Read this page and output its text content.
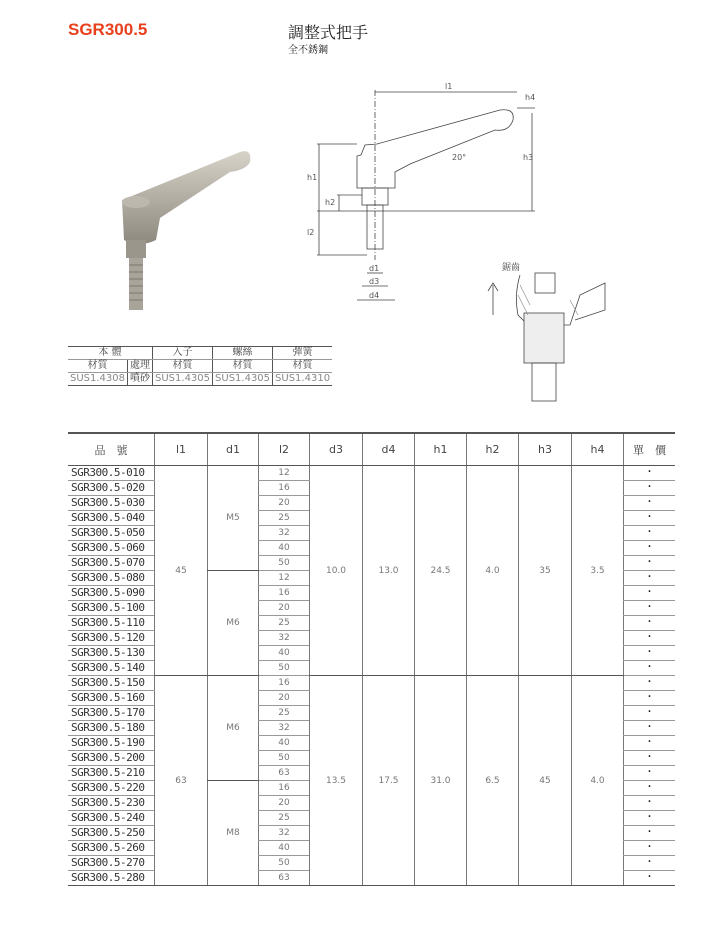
SGR300.5	調整式把手
全不銹鋼
l1
h4
h3
h1
h2
l2
20°
d1
d3
d4
鋸齒
本 體		入子	螺絲	彈簧
材質	處理	材質	材質	材質
SUS1.4308	噴砂	SUS1.4305	SUS1.4305	SUS1.4310
品　號	l1	d1	l2	d3	d4	h1	h2	h3	h4	單　價
SGR300.5-010	45	M5	12	10.0	13.0	24.5	4.0	35	3.5	・
SGR300.5-020			16							・
SGR300.5-030			20							・
SGR300.5-040			25							・
SGR300.5-050			32							・
SGR300.5-060			40							・
SGR300.5-070			50							・
SGR300.5-080		M6	12							・
SGR300.5-090			16							・
SGR300.5-100			20							・
SGR300.5-110			25							・
SGR300.5-120			32							・
SGR300.5-130			40							・
SGR300.5-140			50							・
SGR300.5-150	63	M6	16	13.5	17.5	31.0	6.5	45	4.0	・
SGR300.5-160			20							・
SGR300.5-170			25							・
SGR300.5-180			32							・
SGR300.5-190			40							・
SGR300.5-200			50							・
SGR300.5-210			63							・
SGR300.5-220		M8	16							・
SGR300.5-230			20							・
SGR300.5-240			25							・
SGR300.5-250			32							・
SGR300.5-260			40							・
SGR300.5-270			50							・
SGR300.5-280			63							・
